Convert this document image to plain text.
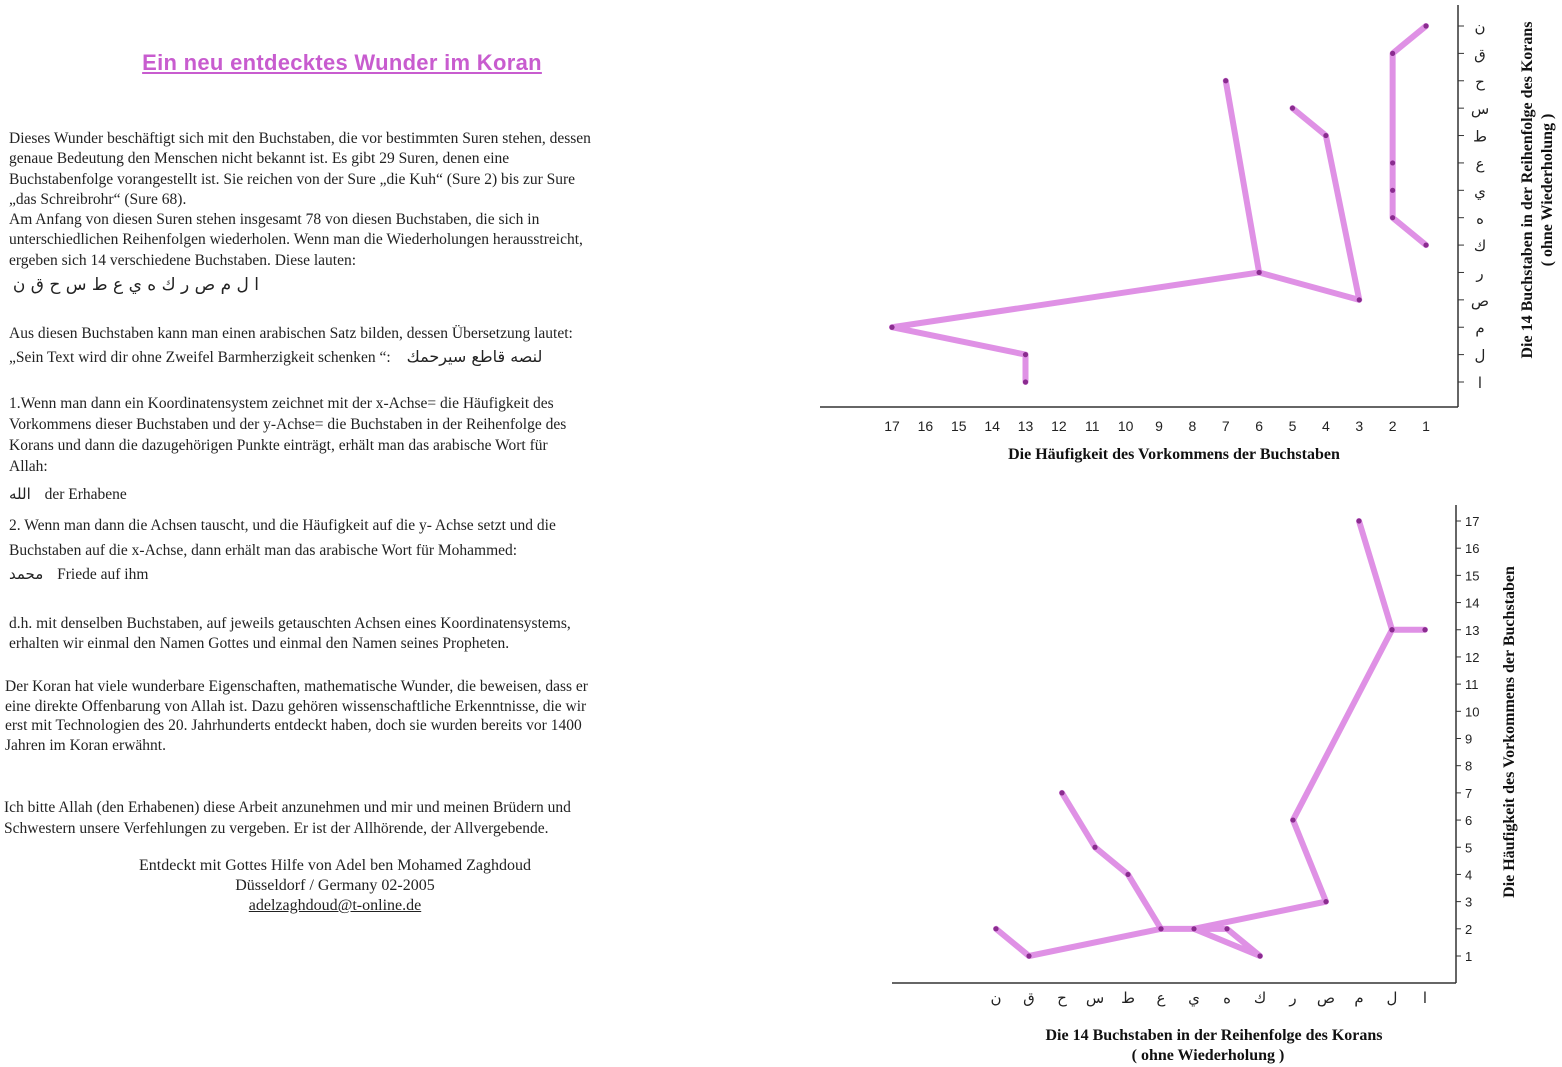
Ein neu entdecktes Wunder im Koran

Dieses Wunder beschäftigt sich mit den Buchstaben, die vor bestimmten Suren stehen, dessen
genaue Bedeutung den Menschen nicht bekannt ist. Es gibt 29 Suren, denen eine
Buchstabenfolge vorangestellt ist. Sie reichen von der Sure „die Kuh“ (Sure 2) bis zur Sure
„das Schreibrohr“ (Sure 68).
Am Anfang von diesen Suren stehen insgesamt 78 von diesen Buchstaben, die sich in
unterschiedlichen Reihenfolgen wiederholen. Wenn man die Wiederholungen herausstreicht,
ergeben sich 14 verschiedene Buchstaben. Diese lauten:

ا ل م ص ر ك ه ي ع ط س ح ق ن

Aus diesen Buchstaben kann man einen arabischen Satz bilden, dessen Übersetzung lautet:
„Sein Text wird dir ohne Zweifel Barmherzigkeit schenken “: لنصه قاطع سيرحمك

1.Wenn man dann ein Koordinatensystem zeichnet mit der x-Achse= die Häufigkeit des
Vorkommens dieser Buchstaben und der y-Achse= die Buchstaben in der Reihenfolge des
Korans und dann die dazugehörigen Punkte einträgt, erhält man das arabische Wort für
Allah:

الله der Erhabene

2. Wenn man dann die Achsen tauscht, und die Häufigkeit auf die y- Achse setzt und die
Buchstaben auf die x-Achse, dann erhält man das arabische Wort für Mohammed:

محمد Friede auf ihm

d.h. mit denselben Buchstaben, auf jeweils getauschten Achsen eines Koordinatensystems,
erhalten wir einmal den Namen Gottes und einmal den Namen seines Propheten.

Der Koran hat viele wunderbare Eigenschaften, mathematische Wunder, die beweisen, dass er
eine direkte Offenbarung von Allah ist. Dazu gehören wissenschaftliche Erkenntnisse, die wir
erst mit Technologien des 20. Jahrhunderts entdeckt haben, doch sie wurden bereits vor 1400
Jahren im Koran erwähnt.

Ich bitte Allah (den Erhabenen) diese Arbeit anzunehmen und mir und meinen Brüdern und
Schwestern unsere Verfehlungen zu vergeben. Er ist der Allhörende, der Allvergebende.

Entdeckt mit Gottes Hilfe von Adel ben Mohamed Zaghdoud
Düsseldorf / Germany 02-2005
adelzaghdoud@t-online.de
17 16 15 14 13 12 11 10 9 8 7 6 5 4 3 2 1
ا
ل
م
ص
ر
ك
ه
ي
ع
ط
س
ح
ق
ن
Die Häufigkeit des Vorkommens der Buchstaben
Die 14 Buchstaben in der Reihenfolge des Korans ( ohne Wiederholung )
1
2
3
4
5
6
7
8
9
10
11
12
13
14
15
16
17
ا
ل
م
ص
ر
ك
ه
ي
ع
ط
س
ح
ق
ن
Die 14 Buchstaben in der Reihenfolge des Korans
( ohne Wiederholung )
Die Häufigkeit des Vorkommens der Buchstaben
